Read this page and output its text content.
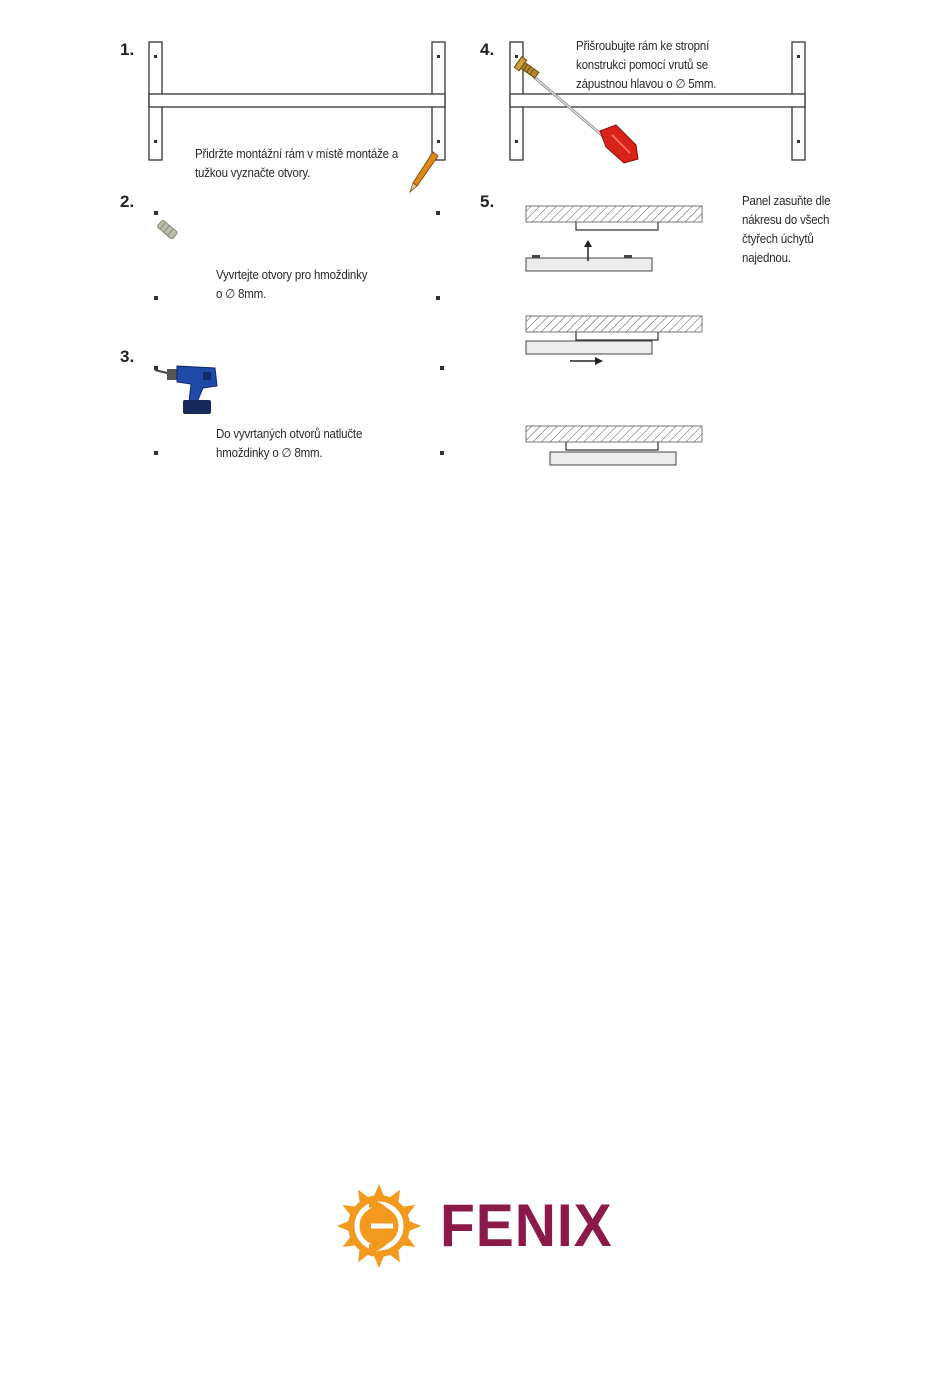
1.
Přidržte montážní rám v místě montáže a
tužkou vyznačte otvory.
2.
Vyvrtejte otvory pro hmoždinky
o ∅ 8mm.
3.
Do vyvrtaných otvorů natlučte
hmoždinky o ∅ 8mm.
4.	Přišroubujte rám ke stropní
konstrukci pomocí vrutů se
zápustnou hlavou o ∅ 5mm.
5.	Panel zasuňte dle
nákresu do všech
čtyřech úchytů
najednou.
FENIX
